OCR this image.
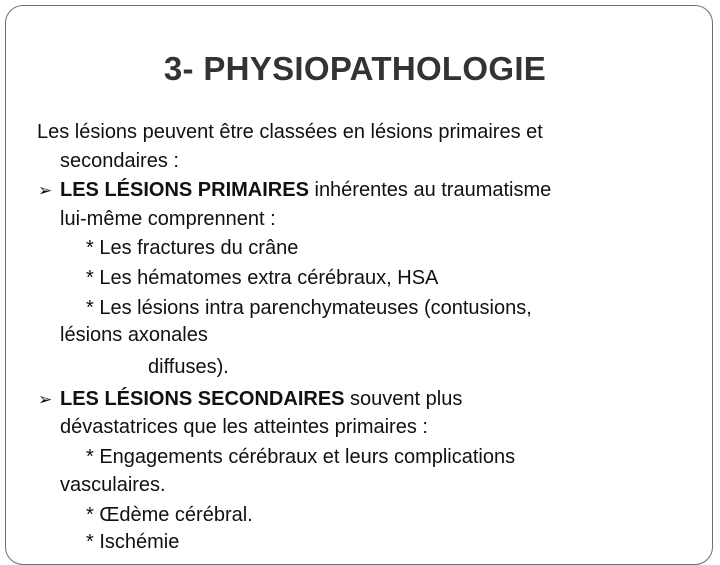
3- PHYSIOPATHOLOGIE
Les lésions peuvent être classées en lésions primaires et
secondaires :
➢ LES LÉSIONS PRIMAIRES inhérentes au traumatisme
lui-même comprennent :
* Les fractures du crâne
* Les hématomes extra cérébraux, HSA
* Les lésions intra parenchymateuses (contusions,
lésions axonales
diffuses).
➢ LES LÉSIONS SECONDAIRES souvent plus
dévastatrices que les atteintes primaires :
* Engagements cérébraux et leurs complications
vasculaires.
* Œdème cérébral.
* Ischémie
